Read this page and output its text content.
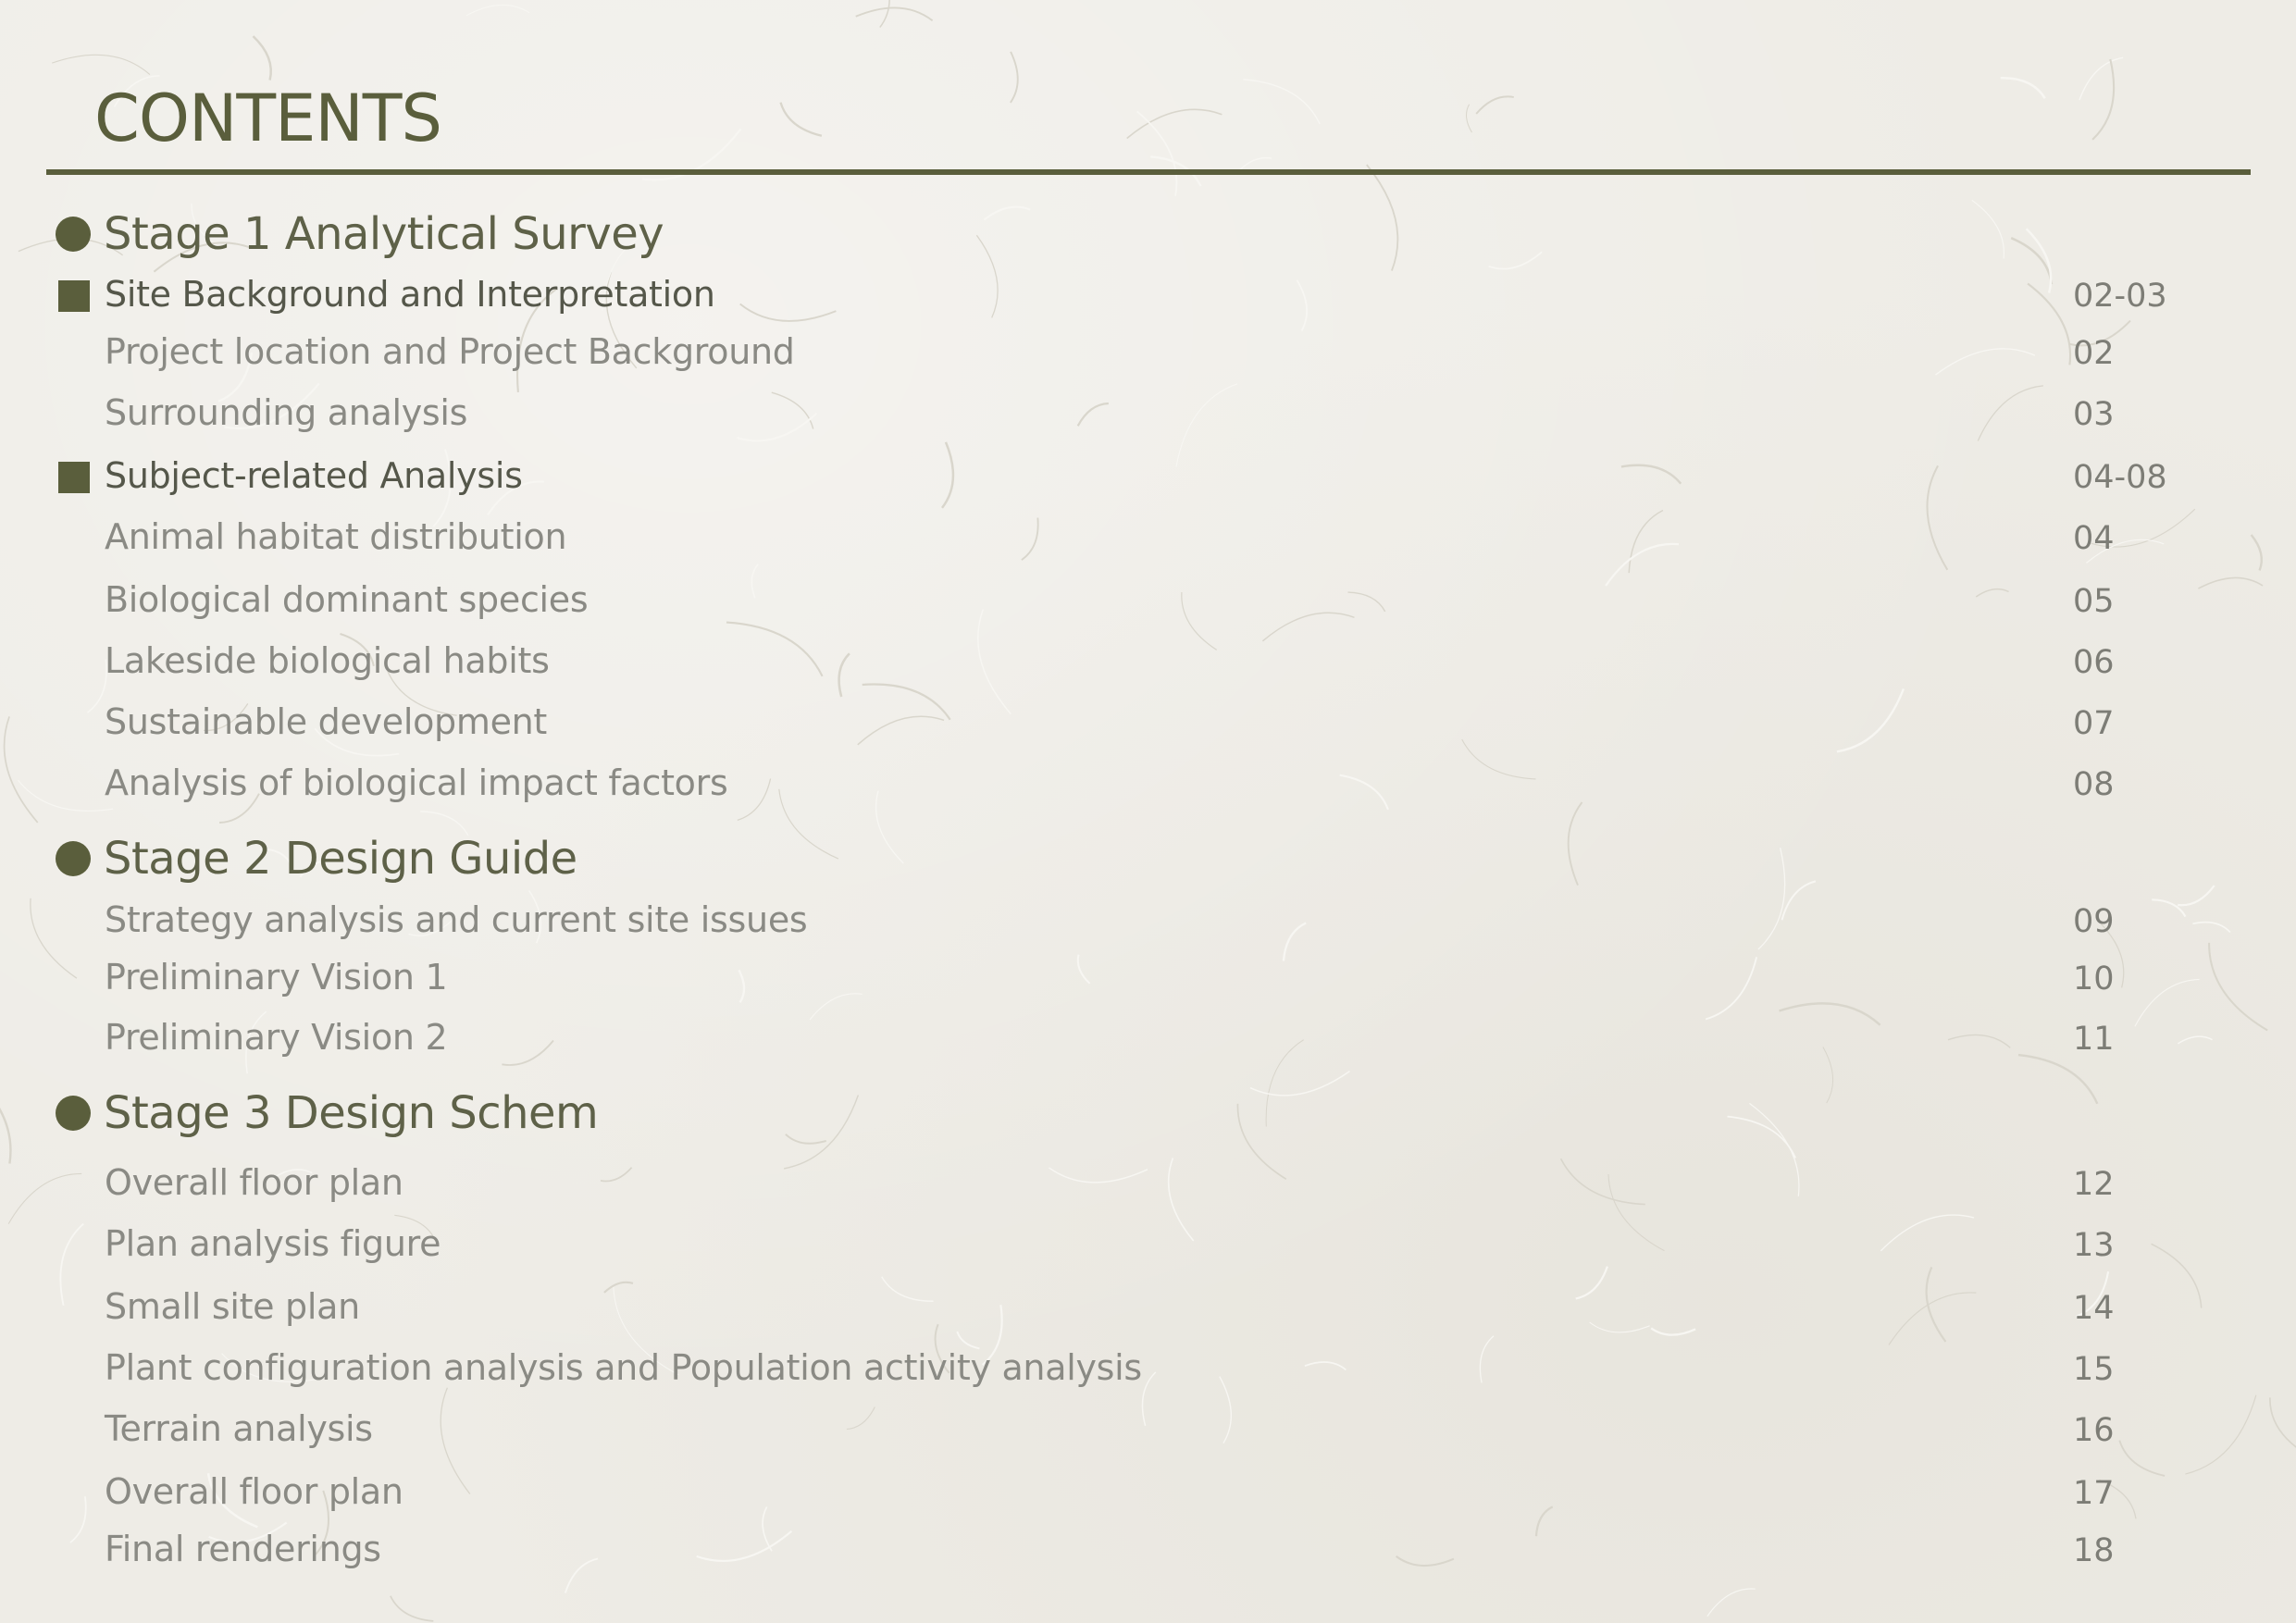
CONTENTS
Stage 1 Analytical Survey
Site Background and Interpretation	02-03
Project location and Project Background	02
Surrounding analysis	03
Subject-related Analysis	04-08
Animal habitat distribution	04
Biological dominant species	05
Lakeside biological habits	06
Sustainable development	07
Analysis of biological impact factors	08
Stage 2 Design Guide
Strategy analysis and current site issues	09
Preliminary Vision 1	10
Preliminary Vision 2	11
Stage 3 Design Schem
Overall floor plan	12
Plan analysis figure	13
Small site plan	14
Plant configuration analysis and Population activity analysis	15
Terrain analysis	16
Overall floor plan	17
Final renderings	18
